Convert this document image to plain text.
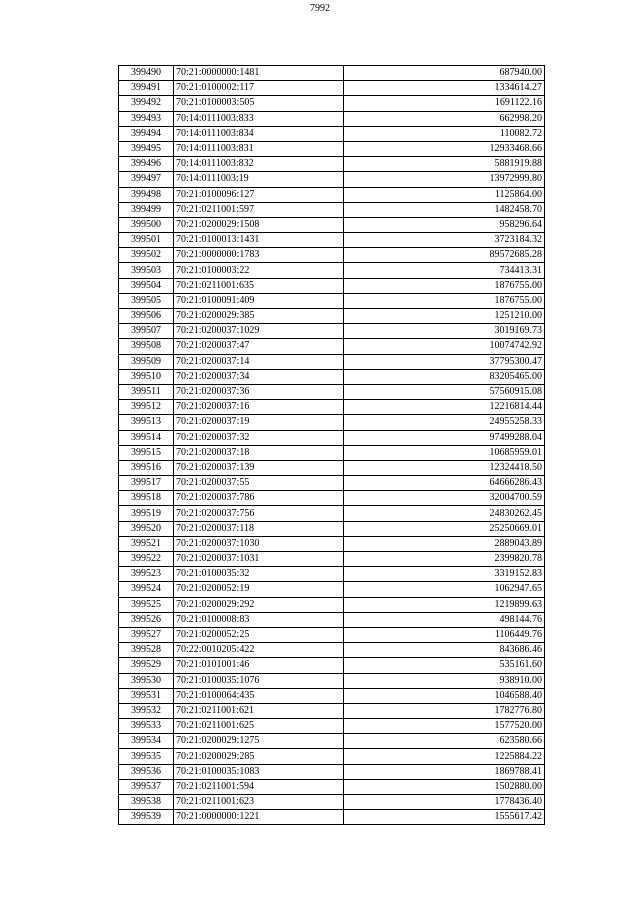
7992
399490	70:21:0000000:1481	687940.00
399491	70:21:0100002:117	1334614.27
399492	70:21:0100003:505	1691122.16
399493	70:14:0111003:833	662998.20
399494	70:14:0111003:834	110082.72
399495	70:14:0111003:831	12933468.66
399496	70:14:0111003:832	5881919.88
399497	70:14:0111003:19	13972999.80
399498	70:21:0100096:127	1125864.00
399499	70:21:0211001:597	1482458.70
399500	70:21:0200029:1508	958296.64
399501	70:21:0100013:1431	3723184.32
399502	70:21:0000000:1783	89572685.28
399503	70:21:0100003:22	734413.31
399504	70:21:0211001:635	1876755.00
399505	70:21:0100091:409	1876755.00
399506	70:21:0200029:385	1251210.00
399507	70:21:0200037:1029	3019169.73
399508	70:21:0200037:47	10074742.92
399509	70:21:0200037:14	37795300.47
399510	70:21:0200037:34	83205465.00
399511	70:21:0200037:36	57560915.08
399512	70:21:0200037:16	12216814.44
399513	70:21:0200037:19	24955258.33
399514	70:21:0200037:32	97499288.04
399515	70:21:0200037:18	10685959.01
399516	70:21:0200037:139	12324418.50
399517	70:21:0200037:55	64666286.43
399518	70:21:0200037:786	32004700.59
399519	70:21:0200037:756	24830262.45
399520	70:21:0200037:118	25250669.01
399521	70:21:0200037:1030	2889043.89
399522	70:21:0200037:1031	2399820.78
399523	70:21:0100035:32	3319152.83
399524	70:21:0200052:19	1062947.65
399525	70:21:0200029:292	1219899.63
399526	70:21:0100008:83	498144.76
399527	70:21:0200052:25	1106449.76
399528	70:22:0010205:422	843686.46
399529	70:21:0101001:46	535161.60
399530	70:21:0100035:1076	938910.00
399531	70:21:0100064:435	1046588.40
399532	70:21:0211001:621	1782776.80
399533	70:21:0211001:625	1577520.00
399534	70:21:0200029:1275	623580.66
399535	70:21:0200029:285	1225884.22
399536	70:21:0100035:1083	1869788.41
399537	70:21:0211001:594	1502880.00
399538	70:21:0211001:623	1778436.40
399539	70:21:0000000:1221	1555617.42
